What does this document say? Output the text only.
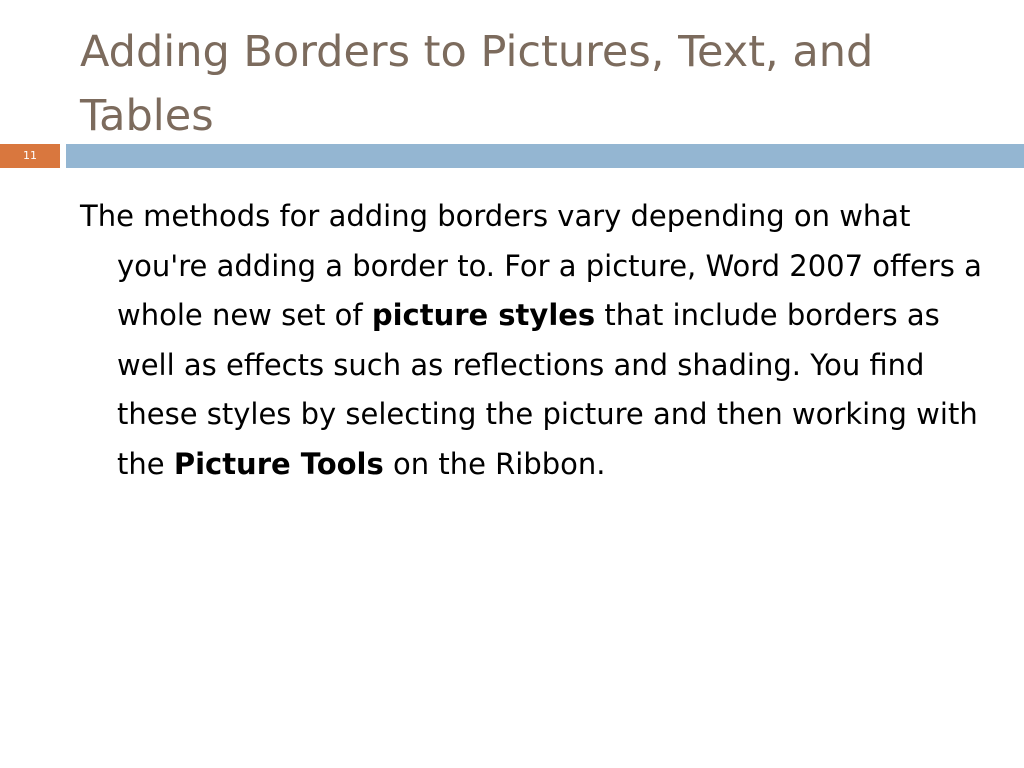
Adding Borders to Pictures, Text, and Tables
11

The methods for adding borders vary depending on what you're adding a border to. For a picture, Word 2007 offers a whole new set of picture styles that include borders as well as effects such as reflections and shading. You find these styles by selecting the picture and then working with the Picture Tools on the Ribbon.
